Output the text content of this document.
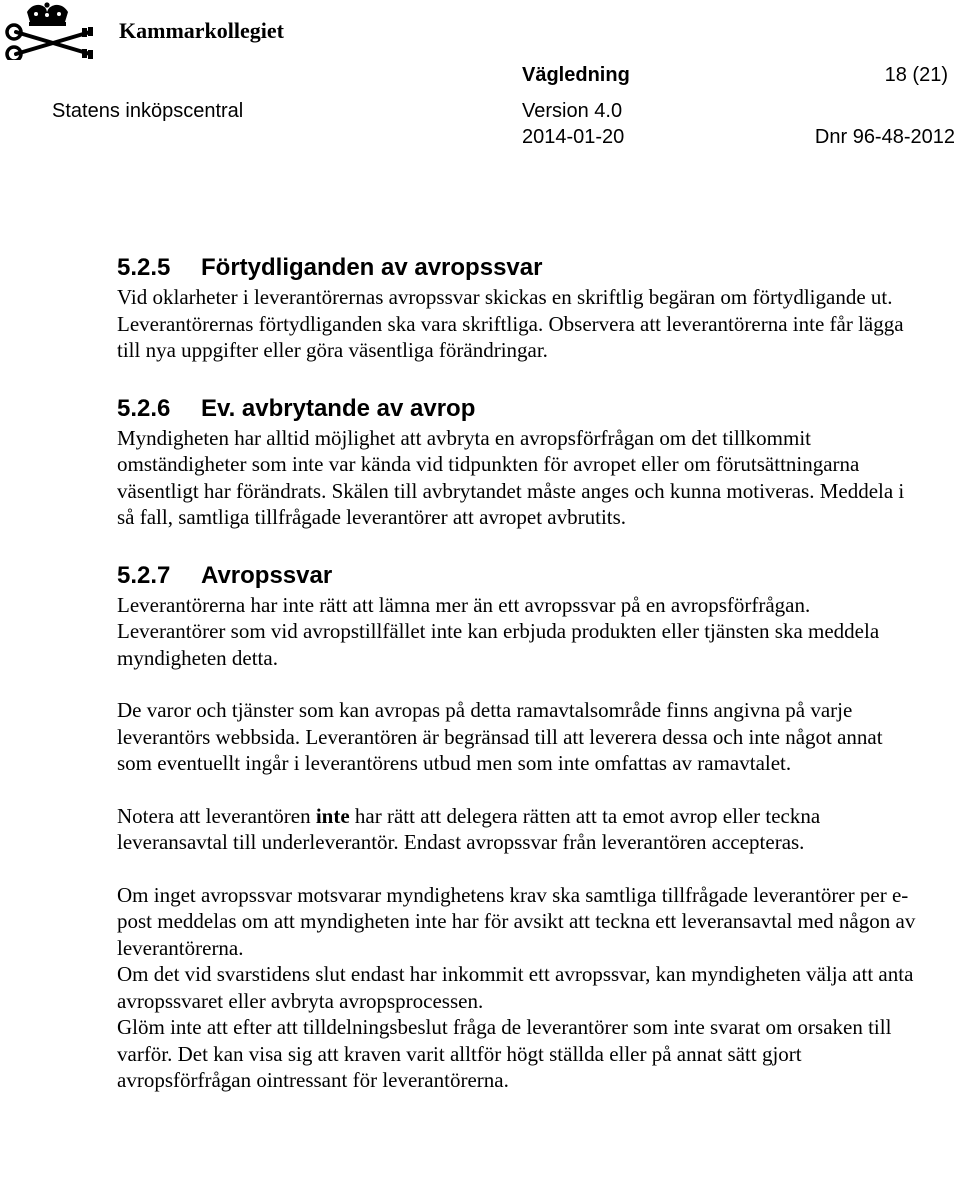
Kammarkollegiet
Vägledning	18 (21)
Statens inköpscentral	Version 4.0
2014-01-20	Dnr 96-48-2012
5.2.5 Förtydliganden av avropssvar

Vid oklarheter i leverantörernas avropssvar skickas en skriftlig begäran om förtydligande ut. Leverantörernas förtydliganden ska vara skriftliga. Observera att leverantörerna inte får lägga till nya uppgifter eller göra väsentliga förändringar.

5.2.6 Ev. avbrytande av avrop

Myndigheten har alltid möjlighet att avbryta en avropsförfrågan om det tillkommit omständigheter som inte var kända vid tidpunkten för avropet eller om förutsättningarna väsentligt har förändrats. Skälen till avbrytandet måste anges och kunna motiveras. Meddela i så fall, samtliga tillfrågade leverantörer att avropet avbrutits.

5.2.7 Avropssvar

Leverantörerna har inte rätt att lämna mer än ett avropssvar på en avropsförfrågan. Leverantörer som vid avropstillfället inte kan erbjuda produkten eller tjänsten ska meddela myndigheten detta.

De varor och tjänster som kan avropas på detta ramavtalsområde finns angivna på varje leverantörs webbsida. Leverantören är begränsad till att leverera dessa och inte något annat som eventuellt ingår i leverantörens utbud men som inte omfattas av ramavtalet.

Notera att leverantören inte har rätt att delegera rätten att ta emot avrop eller teckna leveransavtal till underleverantör. Endast avropssvar från leverantören accepteras.

Om inget avropssvar motsvarar myndighetens krav ska samtliga tillfrågade leverantörer per e-post meddelas om att myndigheten inte har för avsikt att teckna ett leveransavtal med någon av leverantörerna.

Om det vid svarstidens slut endast har inkommit ett avropssvar, kan myndigheten välja att anta avropssvaret eller avbryta avropsprocessen.

Glöm inte att efter att tilldelningsbeslut fråga de leverantörer som inte svarat om orsaken till varför. Det kan visa sig att kraven varit alltför högt ställda eller på annat sätt gjort avropsförfrågan ointressant för leverantörerna.
